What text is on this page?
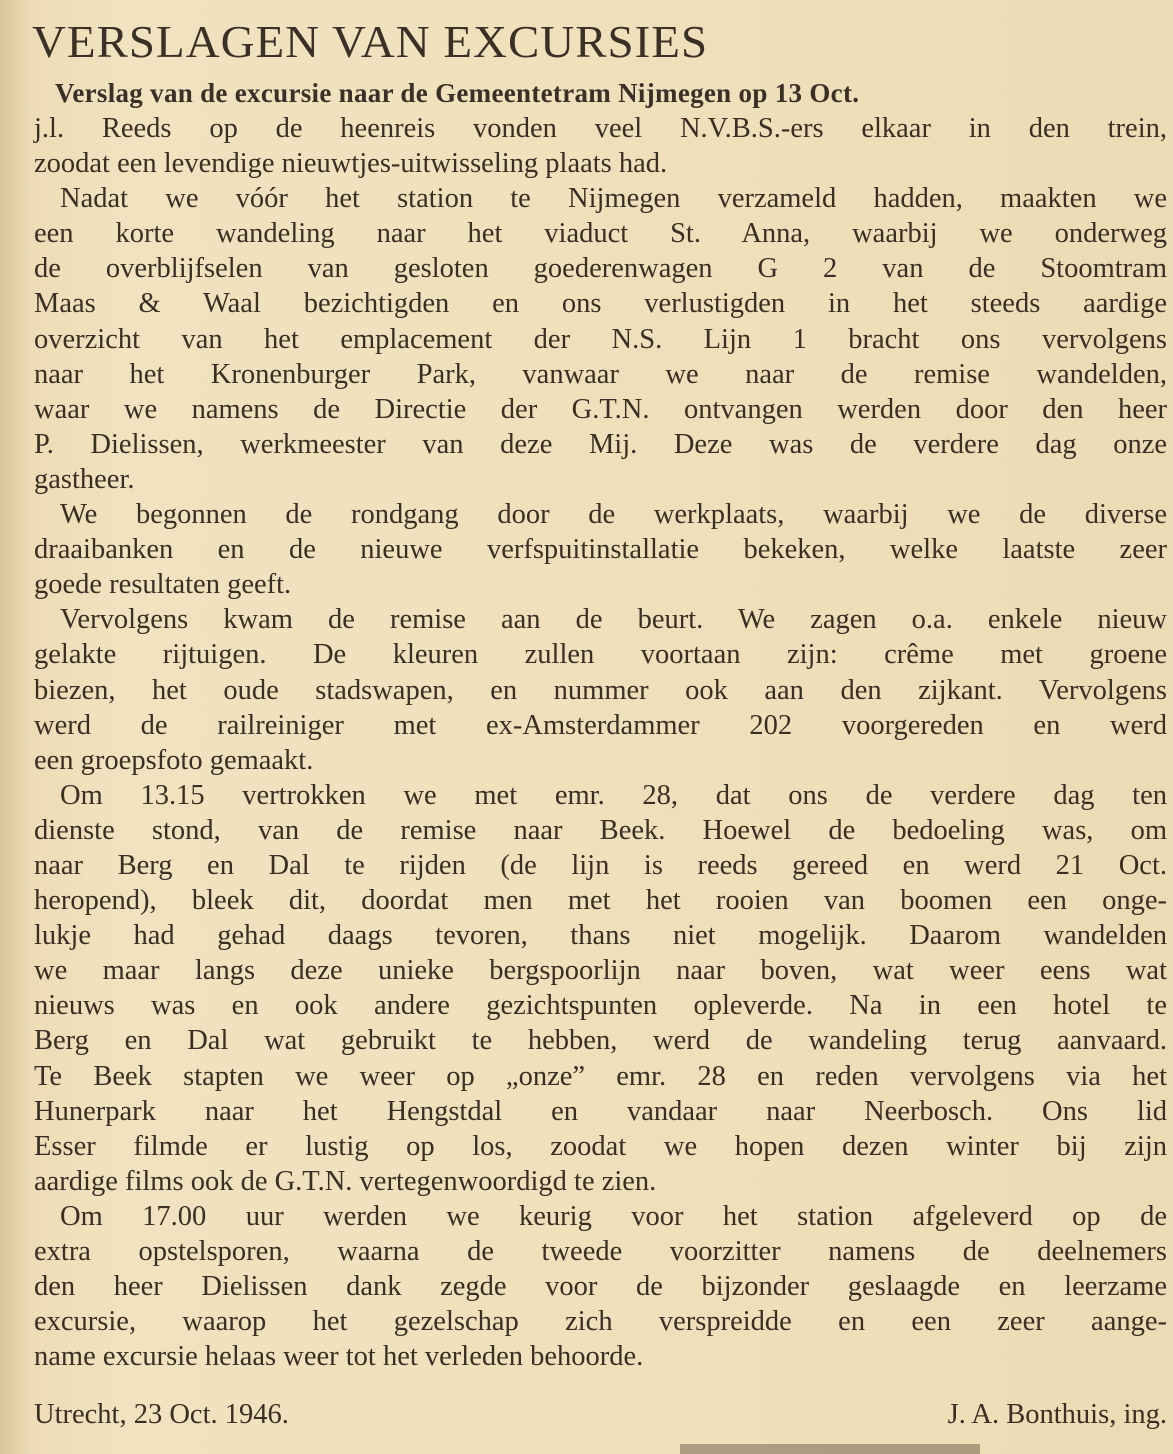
VERSLAGEN VAN EXCURSIES
Verslag van de excursie naar de Gemeentetram Nijmegen op 13 Oct.
j.l. Reeds op de heenreis vonden veel N.V.B.S.-ers elkaar in den trein,
zoodat een levendige nieuwtjes-uitwisseling plaats had.
Nadat we vóór het station te Nijmegen verzameld hadden, maakten we
een korte wandeling naar het viaduct St. Anna, waarbij we onderweg
de overblijfselen van gesloten goederenwagen G 2 van de Stoomtram
Maas & Waal bezichtigden en ons verlustigden in het steeds aardige
overzicht van het emplacement der N.S. Lijn 1 bracht ons vervolgens
naar het Kronenburger Park, vanwaar we naar de remise wandelden,
waar we namens de Directie der G.T.N. ontvangen werden door den heer
P. Dielissen, werkmeester van deze Mij. Deze was de verdere dag onze
gastheer.
We begonnen de rondgang door de werkplaats, waarbij we de diverse
draaibanken en de nieuwe verfspuitinstallatie bekeken, welke laatste zeer
goede resultaten geeft.
Vervolgens kwam de remise aan de beurt. We zagen o.a. enkele nieuw
gelakte rijtuigen. De kleuren zullen voortaan zijn: crême met groene
biezen, het oude stadswapen, en nummer ook aan den zijkant. Vervolgens
werd de railreiniger met ex-Amsterdammer 202 voorgereden en werd
een groepsfoto gemaakt.
Om 13.15 vertrokken we met emr. 28, dat ons de verdere dag ten
dienste stond, van de remise naar Beek. Hoewel de bedoeling was, om
naar Berg en Dal te rijden (de lijn is reeds gereed en werd 21 Oct.
heropend), bleek dit, doordat men met het rooien van boomen een onge-
lukje had gehad daags tevoren, thans niet mogelijk. Daarom wandelden
we maar langs deze unieke bergspoorlijn naar boven, wat weer eens wat
nieuws was en ook andere gezichtspunten opleverde. Na in een hotel te
Berg en Dal wat gebruikt te hebben, werd de wandeling terug aanvaard.
Te Beek stapten we weer op „onze” emr. 28 en reden vervolgens via het
Hunerpark naar het Hengstdal en vandaar naar Neerbosch. Ons lid
Esser filmde er lustig op los, zoodat we hopen dezen winter bij zijn
aardige films ook de G.T.N. vertegenwoordigd te zien.
Om 17.00 uur werden we keurig voor het station afgeleverd op de
extra opstelsporen, waarna de tweede voorzitter namens de deelnemers
den heer Dielissen dank zegde voor de bijzonder geslaagde en leerzame
excursie, waarop het gezelschap zich verspreidde en een zeer aange-
name excursie helaas weer tot het verleden behoorde.
Utrecht, 23 Oct. 1946.	J. A. Bonthuis, ing.
